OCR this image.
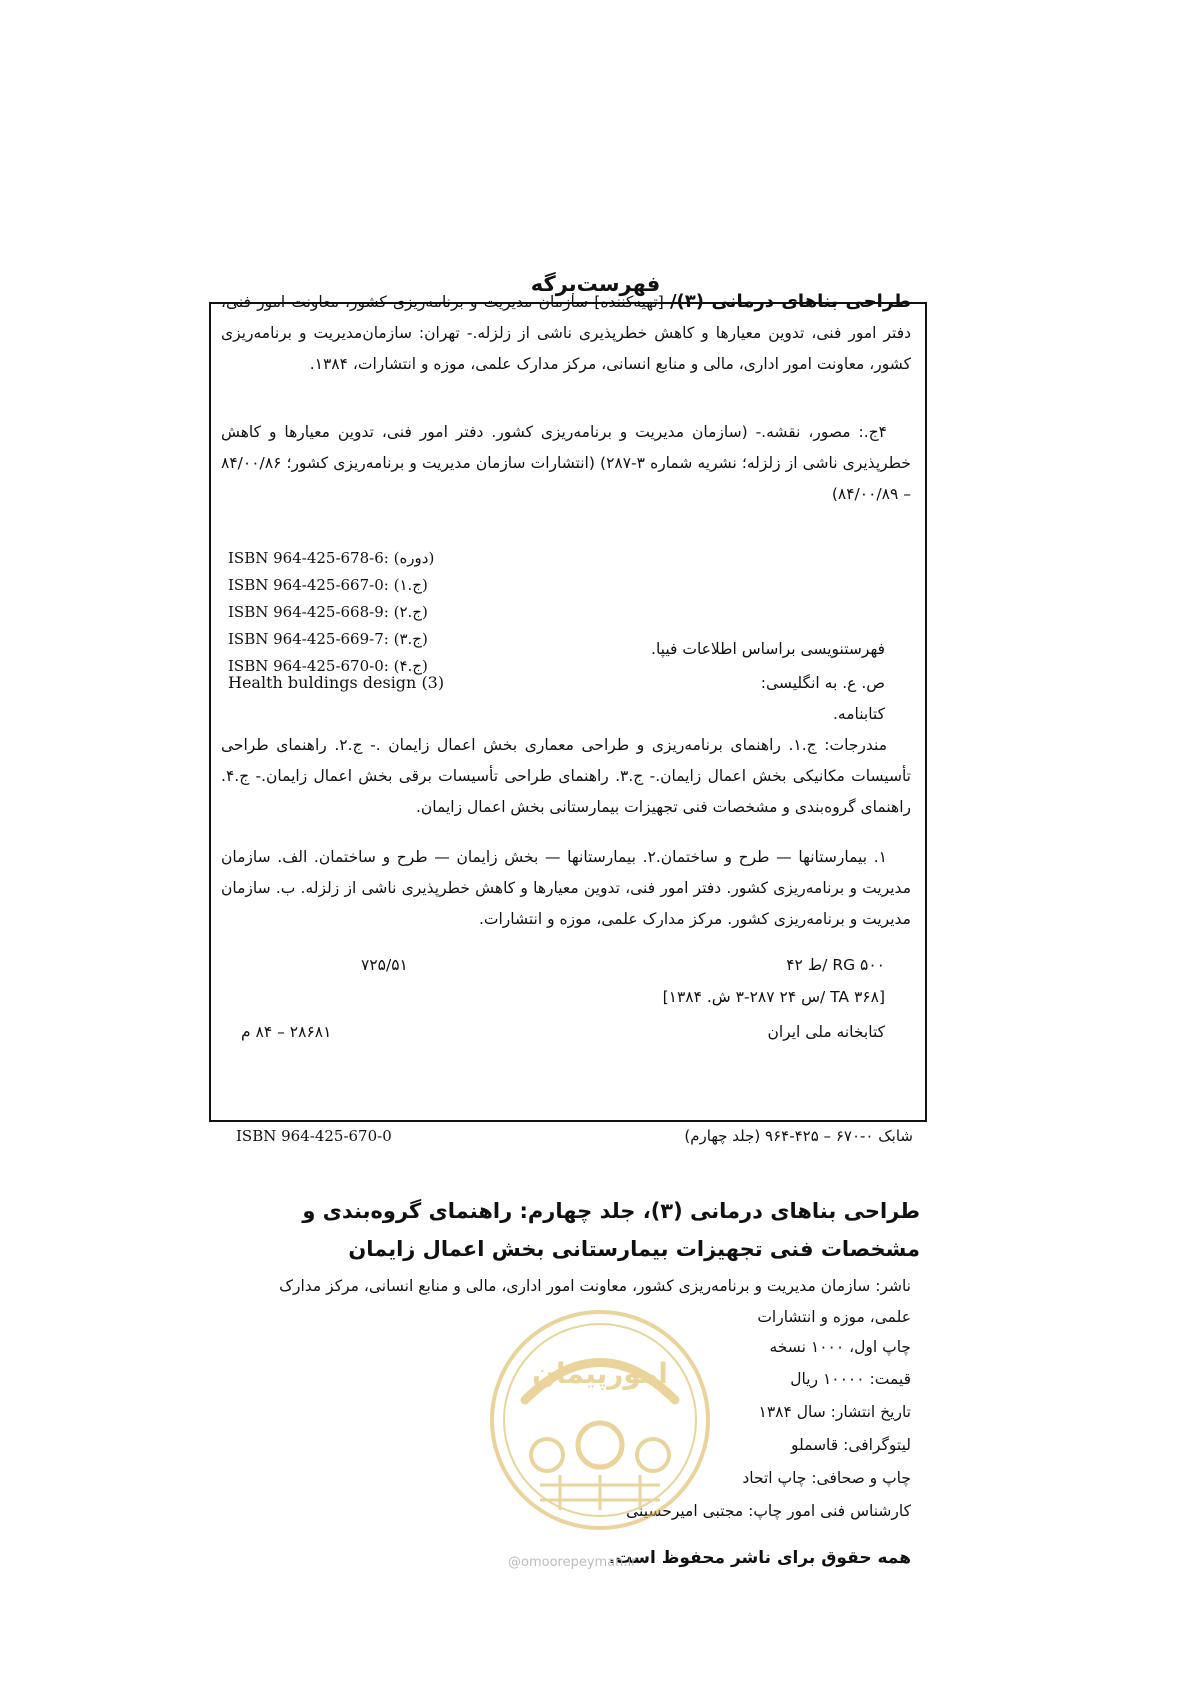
فهرست‌برگه
طراحی بناهای درمانی (۳)/ [تهیه‌کننده] سازمان مدیریت و برنامه‌ریزی کشور، معاونت امور فنی، دفتر امور فنی، تدوین معیارها و کاهش خطرپذیری ناشی از زلزله.- تهران: سازمان‌مدیریت و برنامه‌ریزی کشور، معاونت امور اداری، مالی و منابع انسانی، مرکز مدارک علمی، موزه و انتشارات، ۱۳۸۴.
۴ج.: مصور، نقشه.- (سازمان مدیریت و برنامه‌ریزی کشور. دفتر امور فنی، تدوین معیارها و کاهش خطرپذیری ناشی از زلزله؛ نشریه شماره ۳-۲۸۷) (انتشارات سازمان مدیریت و برنامه‌ریزی کشور؛ ۸۴/۰۰/۸۶ – ۸۴/۰۰/۸۹)
ISBN 964-425-678-6: (دوره)
ISBN 964-425-667-0: (ج.۱)
ISBN 964-425-668-9: (ج.۲)
ISBN 964-425-669-7: (ج.۳)
ISBN 964-425-670-0: (ج.۴)
فهرستنویسی براساس اطلاعات فیپا.
ص. ع. به انگلیسی:
Health buldings design (3)
کتابنامه.
مندرجات: ج.۱. راهنمای برنامه‌ریزی و طراحی معماری بخش اعمال زایمان .- ج.۲. راهنمای طراحی تأسیسات مکانیکی بخش اعمال زایمان.- ج.۳. راهنمای طراحی تأسیسات برقی بخش اعمال زایمان.- ج.۴. راهنمای گروه‌بندی و مشخصات فنی تجهیزات بیمارستانی بخش اعمال زایمان.
۱. بیمارستانها — طرح و ساختمان.۲. بیمارستانها — بخش زایمان — طرح و ساختمان. الف. سازمان مدیریت و برنامه‌ریزی کشور. دفتر امور فنی، تدوین معیارها و کاهش خطرپذیری ناشی از زلزله. ب. سازمان مدیریت و برنامه‌ریزی کشور. مرکز مدارک علمی، موزه و انتشارات.
RG ۵۰۰ /ط ۴۲
۷۲۵/۵۱
[TA ۳۶۸ /س ۲۴ ۲۸۷-۳ ش. ۱۳۸۴]
کتابخانه ملی ایران
۲۸۶۸۱ – ۸۴ م
شابک ۰-۶۷۰ – ۴۲۵-۹۶۴ (جلد چهارم)
ISBN 964-425-670-0
طراحی بناهای درمانی (۳)، جلد چهارم: راهنمای گروه‌بندی و مشخصات فنی تجهیزات بیمارستانی بخش اعمال زایمان
ناشر: سازمان مدیریت و برنامه‌ریزی کشور، معاونت امور اداری، مالی و منابع انسانی، مرکز مدارک علمی، موزه و انتشارات
چاپ اول، ۱۰۰۰ نسخه
قیمت: ۱۰۰۰۰ ریال
تاریخ انتشار: سال ۱۳۸۴
لیتوگرافی: قاسملو
چاپ و صحافی: چاپ اتحاد
کارشناس فنی امور چاپ: مجتبی امیرحسینی
همه حقوق برای ناشر محفوظ است.
امورپیمان
@omoorepeyman.ir
